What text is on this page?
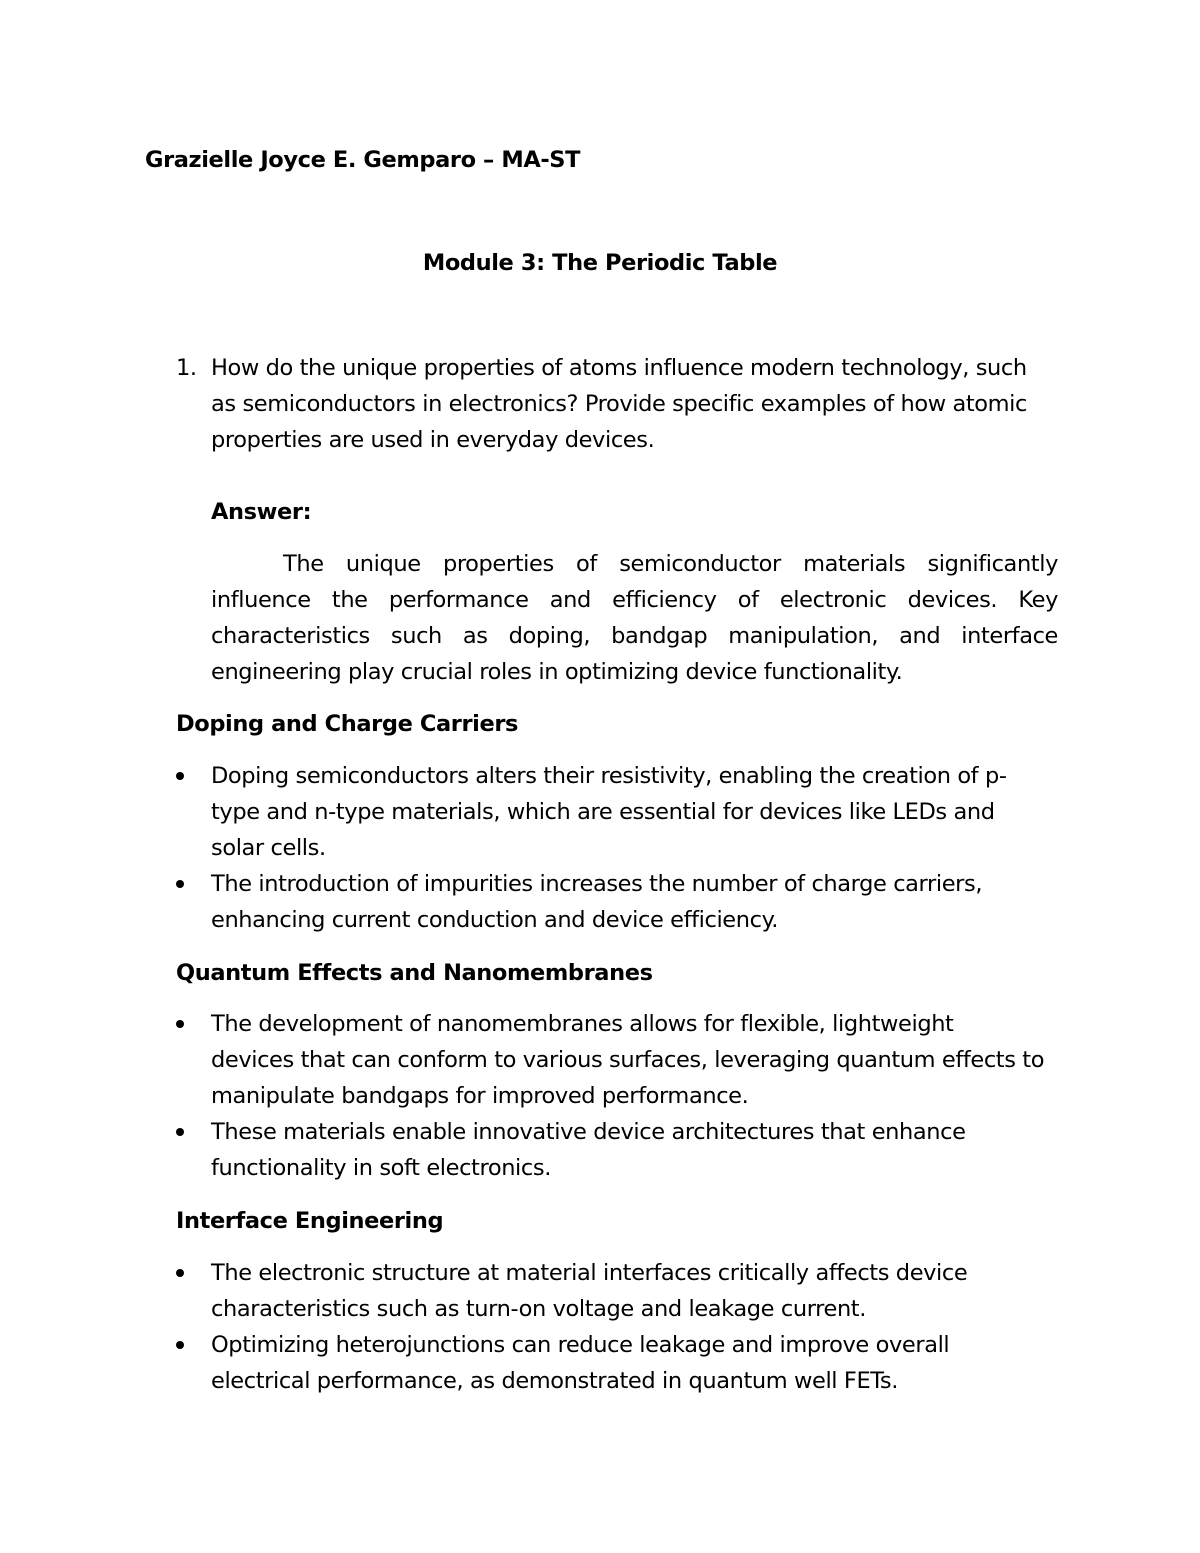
Grazielle Joyce E. Gemparo – MA-ST

Module 3: The Periodic Table

1. How do the unique properties of atoms influence modern technology, such
as semiconductors in electronics? Provide specific examples of how atomic
properties are used in everyday devices.

Answer:

The unique properties of semiconductor materials significantly
influence the performance and efficiency of electronic devices. Key
characteristics such as doping, bandgap manipulation, and interface
engineering play crucial roles in optimizing device functionality.

Doping and Charge Carriers

Doping semiconductors alters their resistivity, enabling the creation of p-
type and n-type materials, which are essential for devices like LEDs and
solar cells.
The introduction of impurities increases the number of charge carriers,
enhancing current conduction and device efficiency.

Quantum Effects and Nanomembranes

The development of nanomembranes allows for flexible, lightweight
devices that can conform to various surfaces, leveraging quantum effects to
manipulate bandgaps for improved performance.
These materials enable innovative device architectures that enhance
functionality in soft electronics.

Interface Engineering

The electronic structure at material interfaces critically affects device
characteristics such as turn-on voltage and leakage current.
Optimizing heterojunctions can reduce leakage and improve overall
electrical performance, as demonstrated in quantum well FETs.
